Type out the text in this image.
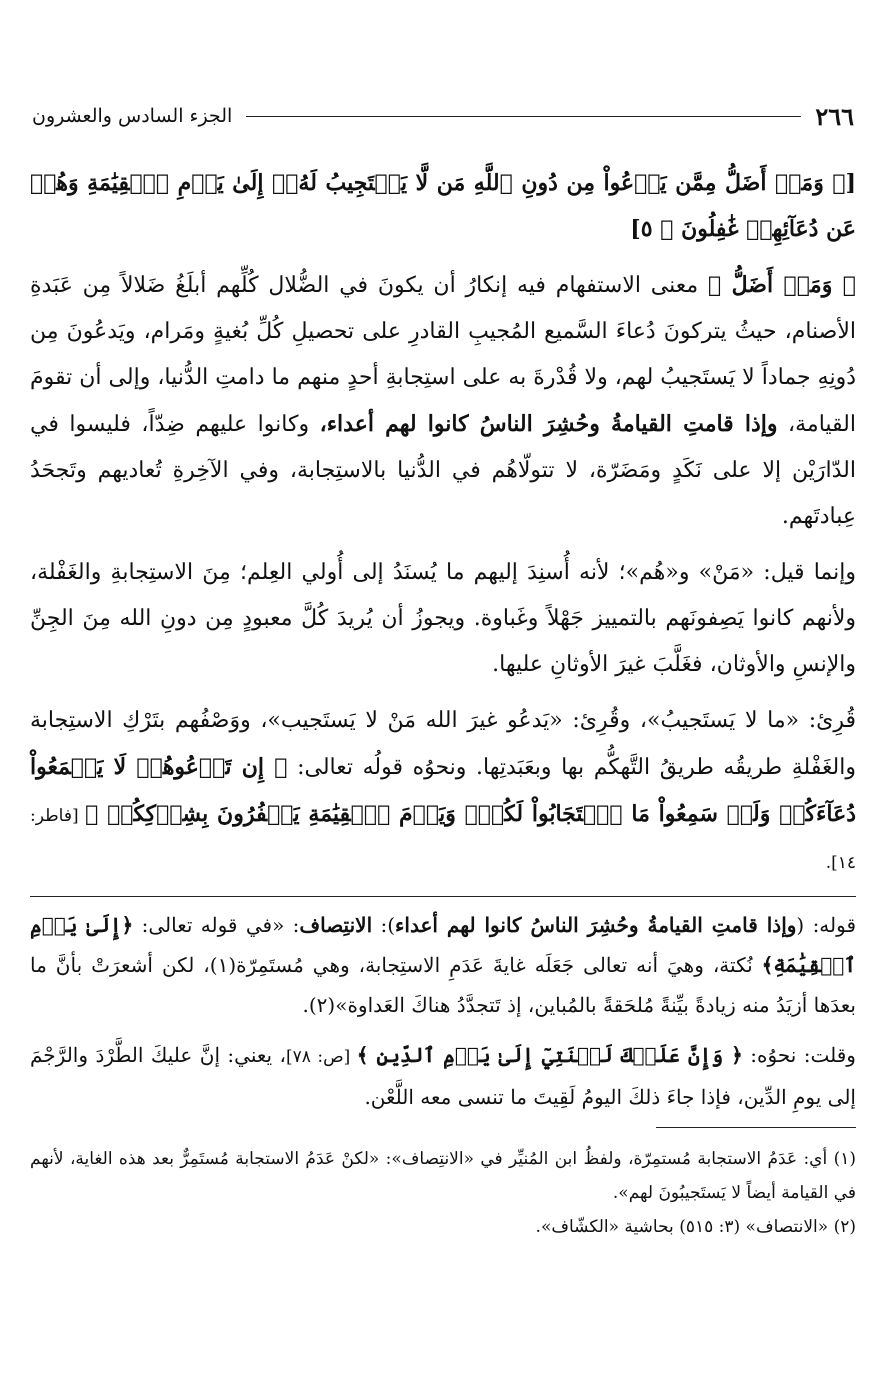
٢٦٦
الجزء السادس والعشرون

[﴿ وَمَنۡ أَضَلُّ مِمَّن يَدۡعُواْ مِن دُونِ ٱللَّهِ مَن لَّا يَسۡتَجِيبُ لَهُۥٓ إِلَىٰ يَوۡمِ ٱلۡقِيَٰمَةِ وَهُمۡ عَن دُعَآئِهِمۡ غَٰفِلُونَ ﴾ ٥]

﴿ وَمَنۡ أَضَلُّ ﴾ معنى الاستفهام فيه إنكارُ أن يكونَ في الضُّلال كُلِّهم أبلَغُ ضَلالاً مِن عَبَدةِ الأصنام، حيثُ يتركونَ دُعاءَ السَّميع المُجيبِ القادرِ على تحصيلِ كُلِّ بُغيةٍ ومَرام، ويَدعُونَ مِن دُونِهِ جماداً لا يَستَجيبُ لهم، ولا قُدْرةَ به على استِجابةِ أحدٍ منهم ما دامتِ الدُّنيا، وإلى أن تقومَ القيامة، وإذا قامتِ القيامةُ وحُشِرَ الناسُ كانوا لهم أعداء، وكانوا عليهم ضِدّاً، فليسوا في الدّارَيْن إلا على نَكَدٍ ومَضَرّة، لا تتولّاهُم في الدُّنيا بالاستِجابة، وفي الآخِرةِ تُعاديهم وتَجحَدُ عِبادتَهم.

وإنما قيل: «مَنْ» و«هُم»؛ لأنه أُسنِدَ إليهم ما يُسنَدُ إلى أُولي العِلم؛ مِنَ الاستِجابةِ والغَفْلة، ولأنهم كانوا يَصِفونَهم بالتمييز جَهْلاً وغَباوة. ويجوزُ أن يُريدَ كُلَّ معبودٍ مِن دونِ الله مِنَ الجِنِّ والإنسِ والأوثان، فغَلَّبَ غيرَ الأوثانِ عليها.

قُرِئ: «ما لا يَستَجيبُ»، وقُرِئ: «يَدعُو غيرَ الله مَنْ لا يَستَجيب»، ووَصْفُهم بتَرْكِ الاستِجابة والغَفْلةِ طريقُه طريقُ التَّهكُّم بها وبعَبَدتِها. ونحوُه قولُه تعالى: ﴿ إِن تَدۡعُوهُمۡ لَا يَسۡمَعُواْ دُعَآءَكُمۡ وَلَوۡ سَمِعُواْ مَا ٱسۡتَجَابُواْ لَكُمۡۖ وَيَوۡمَ ٱلۡقِيَٰمَةِ يَكۡفُرُونَ بِشِرۡكِكُمۡ ﴾ [فاطر: ١٤].

قوله: (وإذا قامتِ القيامةُ وحُشِرَ الناسُ كانوا لهم أعداء): الانتِصاف: «في قوله تعالى: ﴿إِلَىٰ يَوۡمِ ٱلۡقِيَٰمَةِ﴾ نُكتة، وهيَ أنه تعالى جَعَلَه غايةَ عَدَمِ الاستِجابة، وهي مُستَمِرّة(١)، لكن أشعرَتْ بأنَّ ما بعدَها أزيَدُ منه زيادةً بيِّنةً مُلحَقةً بالمُباين، إذ تَتجدَّدُ هناكَ العَداوة»(٢).

وقلت: نحوُه: ﴿ وَإِنَّ عَلَيۡكَ لَعۡنَتِيٓ إِلَىٰ يَوۡمِ ٱلدِّينِ ﴾ [ص: ٧٨]، يعني: إنَّ عليكَ الطَّرْدَ والرَّجْمَ إلى يومِ الدِّين، فإذا جاءَ ذلكَ اليومُ لَقِيتَ ما تنسى معه اللَّعْن.

(١) أي: عَدَمُ الاستجابة مُستمِرّة، ولفظُ ابن المُنيِّر في «الانتِصاف»: «لكنْ عَدَمُ الاستجابة مُستَمِرٌّ بعد هذه الغاية، لأنهم في القيامة أيضاً لا يَستَجيبُونَ لهم».

(٢) «الانتصاف» (٣: ٥١٥) بحاشية «الكشّاف».
